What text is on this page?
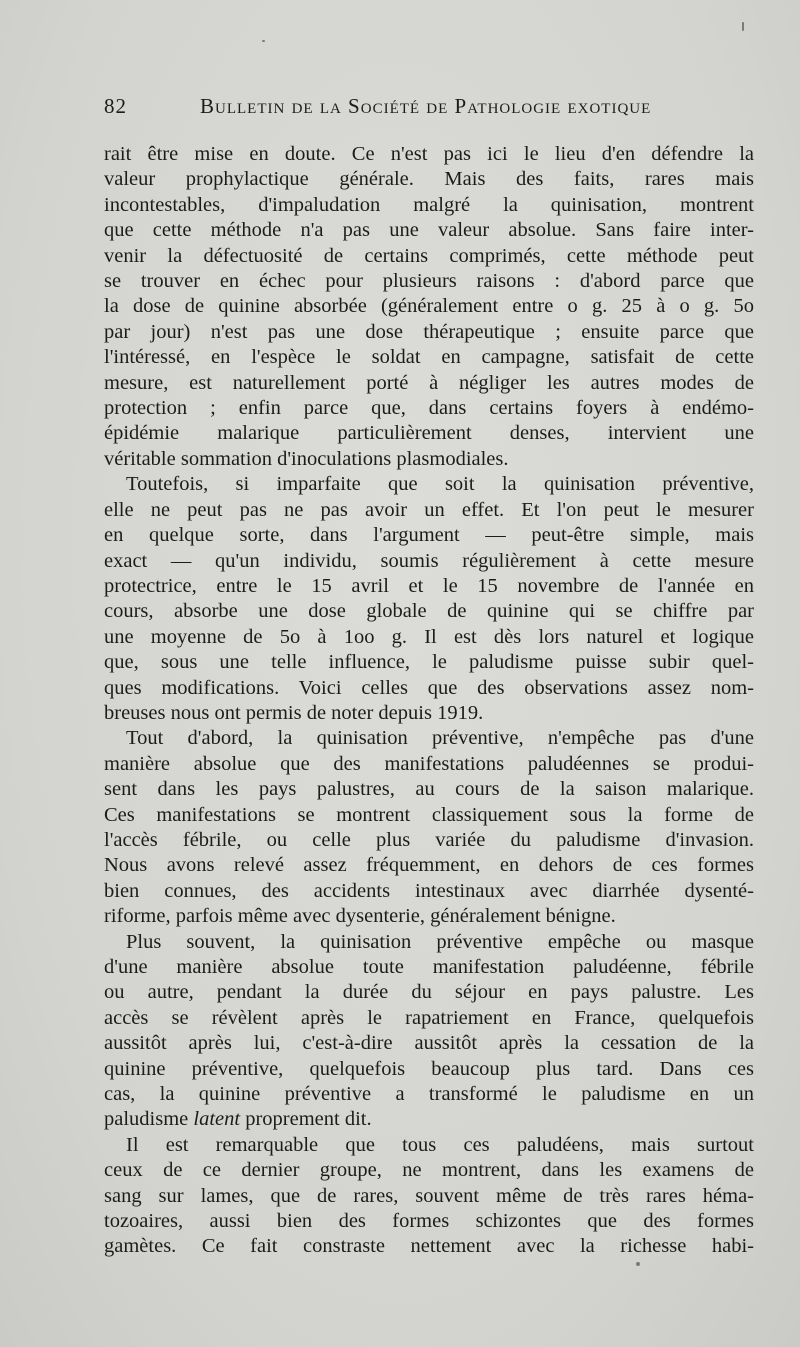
82	Bulletin de la Société de Pathologie exotique
rait être mise en doute. Ce n'est pas ici le lieu d'en défendre la
valeur prophylactique générale. Mais des faits, rares mais
incontestables, d'impaludation malgré la quinisation, montrent
que cette méthode n'a pas une valeur absolue. Sans faire inter-
venir la défectuosité de certains comprimés, cette méthode peut
se trouver en échec pour plusieurs raisons : d'abord parce que
la dose de quinine absorbée (généralement entre o g. 25 à o g. 5o
par jour) n'est pas une dose thérapeutique ; ensuite parce que
l'intéressé, en l'espèce le soldat en campagne, satisfait de cette
mesure, est naturellement porté à négliger les autres modes de
protection ; enfin parce que, dans certains foyers à endémo-
épidémie malarique particulièrement denses, intervient une
véritable sommation d'inoculations plasmodiales.
Toutefois, si imparfaite que soit la quinisation préventive,
elle ne peut pas ne pas avoir un effet. Et l'on peut le mesurer
en quelque sorte, dans l'argument — peut-être simple, mais
exact — qu'un individu, soumis régulièrement à cette mesure
protectrice, entre le 15 avril et le 15 novembre de l'année en
cours, absorbe une dose globale de quinine qui se chiffre par
une moyenne de 5o à 1oo g. Il est dès lors naturel et logique
que, sous une telle influence, le paludisme puisse subir quel-
ques modifications. Voici celles que des observations assez nom-
breuses nous ont permis de noter depuis 1919.
Tout d'abord, la quinisation préventive, n'empêche pas d'une
manière absolue que des manifestations paludéennes se produi-
sent dans les pays palustres, au cours de la saison malarique.
Ces manifestations se montrent classiquement sous la forme de
l'accès fébrile, ou celle plus variée du paludisme d'invasion.
Nous avons relevé assez fréquemment, en dehors de ces formes
bien connues, des accidents intestinaux avec diarrhée dysenté-
riforme, parfois même avec dysenterie, généralement bénigne.
Plus souvent, la quinisation préventive empêche ou masque
d'une manière absolue toute manifestation paludéenne, fébrile
ou autre, pendant la durée du séjour en pays palustre. Les
accès se révèlent après le rapatriement en France, quelquefois
aussitôt après lui, c'est-à-dire aussitôt après la cessation de la
quinine préventive, quelquefois beaucoup plus tard. Dans ces
cas, la quinine préventive a transformé le paludisme en un
paludisme latent proprement dit.
Il est remarquable que tous ces paludéens, mais surtout
ceux de ce dernier groupe, ne montrent, dans les examens de
sang sur lames, que de rares, souvent même de très rares héma-
tozoaires, aussi bien des formes schizontes que des formes
gamètes. Ce fait constraste nettement avec la richesse habi-
